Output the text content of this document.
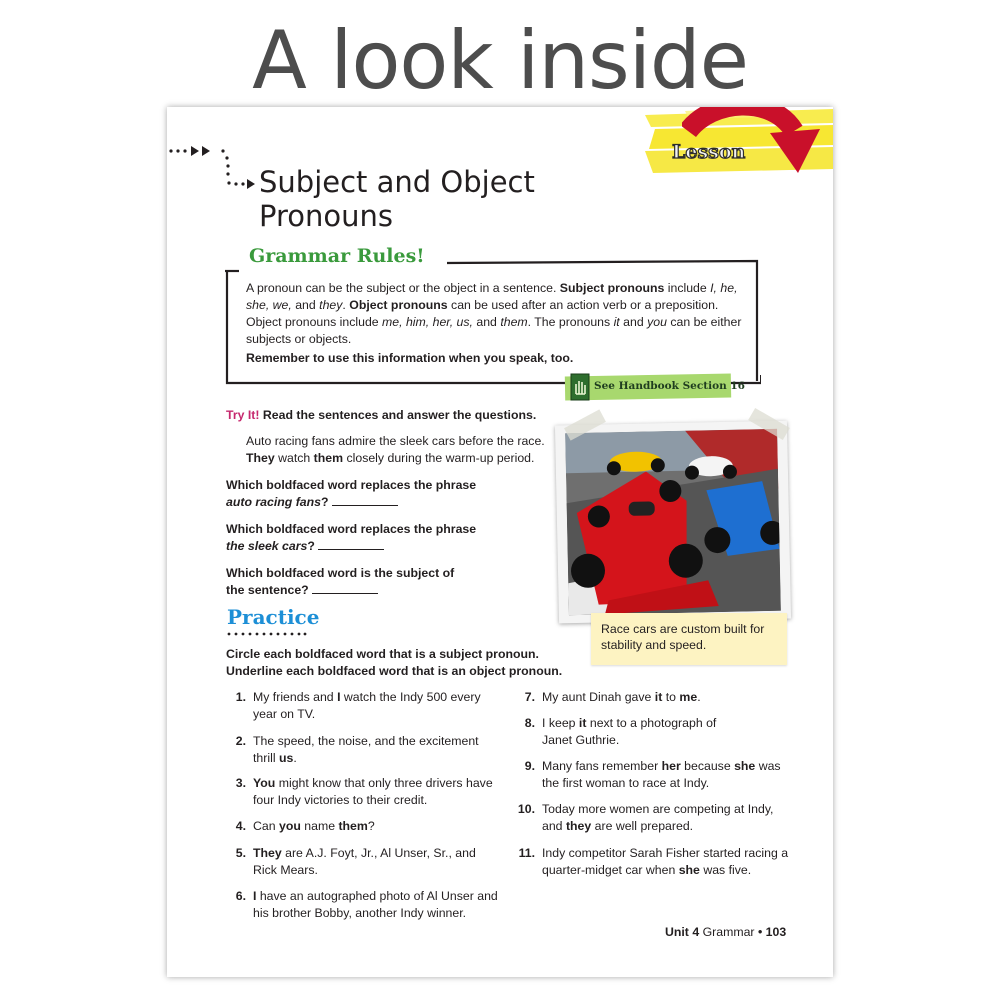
A look inside
Lesson
Subject and Object
Pronouns
Grammar Rules!

A pronoun can be the subject or the object in a sentence. Subject pronouns include I, he, she, we, and they. Object pronouns can be used after an action verb or a preposition. Object pronouns include me, him, her, us, and them. The pronouns it and you can be either subjects or objects.

Remember to use this information when you speak, too.
See Handbook Section 16
Try It! Read the sentences and answer the questions.
Auto racing fans admire the sleek cars before the race.
They watch them closely during the warm-up period.
Which boldfaced word replaces the phrase
auto racing fans?
Which boldfaced word replaces the phrase
the sleek cars?
Which boldfaced word is the subject of
the sentence?
Race cars are custom built for stability and speed.
Practice
Circle each boldfaced word that is a subject pronoun.
Underline each boldfaced word that is an object pronoun.
1. My friends and I watch the Indy 500 every year on TV.
2. The speed, the noise, and the excitement thrill us.
3. You might know that only three drivers have four Indy victories to their credit.
4. Can you name them?
5. They are A.J. Foyt, Jr., Al Unser, Sr., and Rick Mears.
6. I have an autographed photo of Al Unser and his brother Bobby, another Indy winner.
7. My aunt Dinah gave it to me.
8. I keep it next to a photograph of Janet Guthrie.
9. Many fans remember her because she was the first woman to race at Indy.
10. Today more women are competing at Indy, and they are well prepared.
11. Indy competitor Sarah Fisher started racing a quarter-midget car when she was five.
Unit 4 Grammar • 103
